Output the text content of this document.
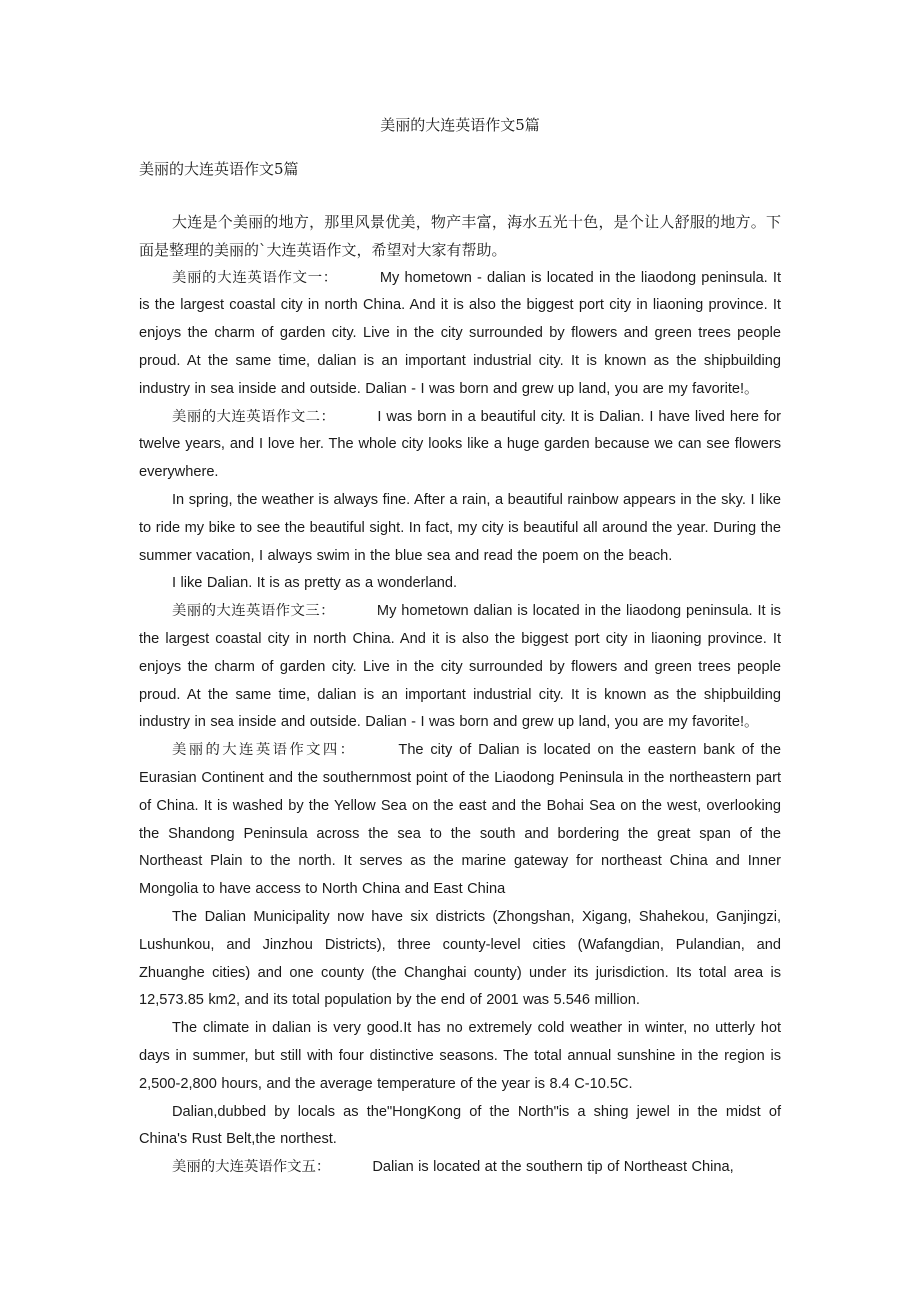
美丽的大连英语作文5篇
美丽的大连英语作文5篇

大连是个美丽的地方，那里风景优美，物产丰富，海水五光十色，是个让人舒服的地方。下面是整理的美丽的`大连英语作文，希望对大家有帮助。

美丽的大连英语作文一：	My hometown - dalian is located in the liaodong peninsula. It is the largest coastal city in north China. And it is also the biggest port city in liaoning province. It enjoys the charm of garden city. Live in the city surrounded by flowers and green trees people proud. At the same time, dalian is an important industrial city. It is known as the shipbuilding industry in sea inside and outside. Dalian - I was born and grew up land, you are my favorite!。

美丽的大连英语作文二：	I was born in a beautiful city. It is Dalian. I have lived here for twelve years, and I love her. The whole city looks like a huge garden because we can see flowers everywhere.

In spring, the weather is always fine. After a rain, a beautiful rainbow appears in the sky. I like to ride my bike to see the beautiful sight. In fact, my city is beautiful all around the year. During the summer vacation, I always swim in the blue sea and read the poem on the beach.

I like Dalian. It is as pretty as a wonderland.

美丽的大连英语作文三：	My hometown dalian is located in the liaodong peninsula. It is the largest coastal city in north China. And it is also the biggest port city in liaoning province. It enjoys the charm of garden city. Live in the city surrounded by flowers and green trees people proud. At the same time, dalian is an important industrial city. It is known as the shipbuilding industry in sea inside and outside. Dalian - I was born and grew up land, you are my favorite!。

美丽的大连英语作文四：	The city of Dalian is located on the eastern bank of the Eurasian Continent and the southernmost point of the Liaodong Peninsula in the northeastern part of China. It is washed by the Yellow Sea on the east and the Bohai Sea on the west, overlooking the Shandong Peninsula across the sea to the south and bordering the great span of the Northeast Plain to the north. It serves as the marine gateway for northeast China and Inner Mongolia to have access to North China and East China

The Dalian Municipality now have six districts (Zhongshan, Xigang, Shahekou, Ganjingzi, Lushunkou, and Jinzhou Districts), three county-level cities (Wafangdian, Pulandian, and Zhuanghe cities) and one county (the Changhai county) under its jurisdiction. Its total area is 12,573.85 km2, and its total population by the end of 2001 was 5.546 million.

The climate in dalian is very good.It has no extremely cold weather in winter, no utterly hot days in summer, but still with four distinctive seasons. The total annual sunshine in the region is 2,500-2,800 hours, and the average temperature of the year is 8.4 C-10.5C.

Dalian,dubbed by locals as the"HongKong of the North"is a shing jewel in the midst of China's Rust Belt,the northest.

美丽的大连英语作文五：	Dalian is located at the southern tip of Northeast China,
